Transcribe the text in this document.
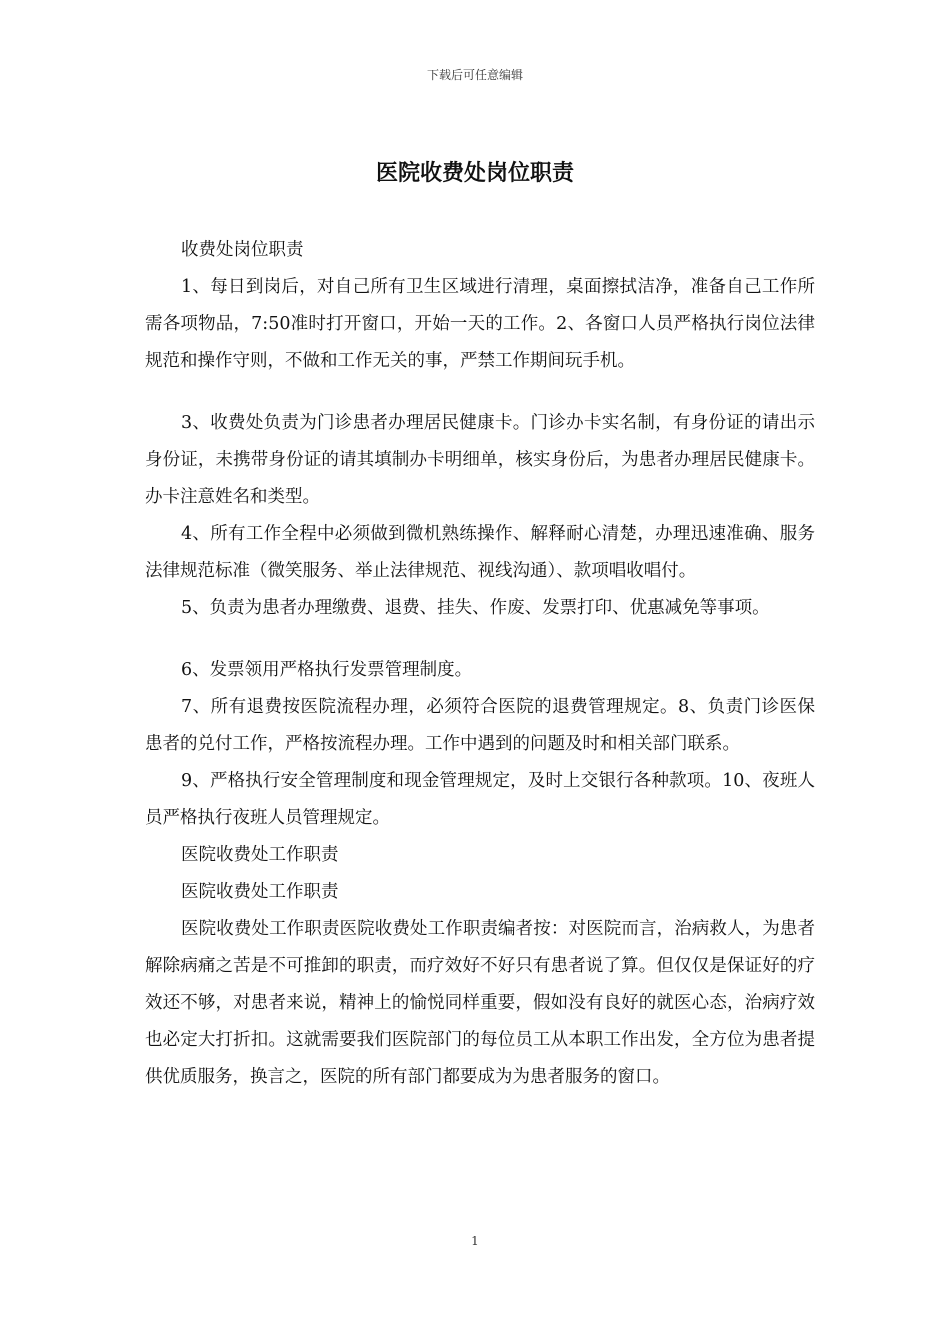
下载后可任意编辑
医院收费处岗位职责

收费处岗位职责

1、每日到岗后，对自己所有卫生区域进行清理，桌面擦拭洁净，准备自己工作所需各项物品，7:50准时打开窗口，开始一天的工作。2、各窗口人员严格执行岗位法律规范和操作守则，不做和工作无关的事，严禁工作期间玩手机。

3、收费处负责为门诊患者办理居民健康卡。门诊办卡实名制，有身份证的请出示身份证，未携带身份证的请其填制办卡明细单，核实身份后，为患者办理居民健康卡。办卡注意姓名和类型。

4、所有工作全程中必须做到微机熟练操作、解释耐心清楚，办理迅速准确、服务法律规范标准（微笑服务、举止法律规范、视线沟通）、款项唱收唱付。

5、负责为患者办理缴费、退费、挂失、作废、发票打印、优惠减免等事项。

6、发票领用严格执行发票管理制度。

7、所有退费按医院流程办理，必须符合医院的退费管理规定。8、负责门诊医保患者的兑付工作，严格按流程办理。工作中遇到的问题及时和相关部门联系。

9、严格执行安全管理制度和现金管理规定，及时上交银行各种款项。10、夜班人员严格执行夜班人员管理规定。

医院收费处工作职责

医院收费处工作职责

医院收费处工作职责医院收费处工作职责编者按：对医院而言，治病救人，为患者解除病痛之苦是不可推卸的职责，而疗效好不好只有患者说了算。但仅仅是保证好的疗效还不够，对患者来说，精神上的愉悦同样重要，假如没有良好的就医心态，治病疗效也必定大打折扣。这就需要我们医院部门的每位员工从本职工作出发，全方位为患者提供优质服务，换言之，医院的所有部门都要成为为患者服务的窗口。

1
